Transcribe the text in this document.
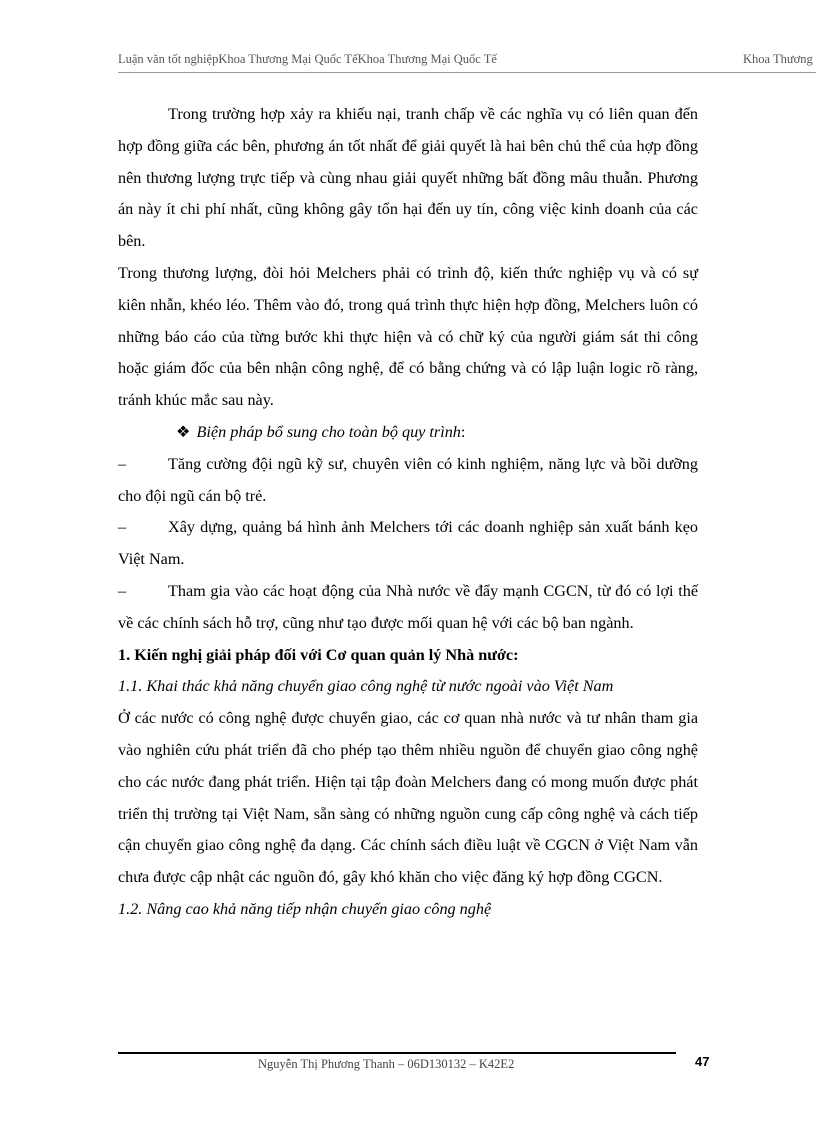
Luận văn tốt nghiệpKhoa Thương Mại Quốc TếKhoa Thương Mại Quốc Tế	Khoa Thương

Trong trường hợp xảy ra khiếu nại, tranh chấp về các nghĩa vụ có liên quan đến hợp đồng giữa các bên, phương án tốt nhất để giải quyết là hai bên chủ thể của hợp đồng nên thương lượng trực tiếp và cùng nhau giải quyết những bất đồng mâu thuẫn. Phương án này ít chi phí nhất, cũng không gây tổn hại đến uy tín, công việc kinh doanh của các bên.

Trong thương lượng, đòi hỏi Melchers phải có trình độ, kiến thức nghiệp vụ và có sự kiên nhẫn, khéo léo. Thêm vào đó, trong quá trình thực hiện hợp đồng, Melchers luôn có những báo cáo của từng bước khi thực hiện và có chữ ký của người giám sát thi công hoặc giám đốc của bên nhận công nghệ, để có bằng chứng và có lập luận logic rõ ràng, tránh khúc mắc sau này.

❖ Biện pháp bổ sung cho toàn bộ quy trình:

–	Tăng cường đội ngũ kỹ sư, chuyên viên có kinh nghiệm, năng lực và bồi dưỡng cho đội ngũ cán bộ trẻ.

–	Xây dựng, quảng bá hình ảnh Melchers tới các doanh nghiệp sản xuất bánh kẹo Việt Nam.

–	Tham gia vào các hoạt động của Nhà nước về đẩy mạnh CGCN, từ đó có lợi thế về các chính sách hỗ trợ, cũng như tạo được mối quan hệ với các bộ ban ngành.

1. Kiến nghị giải pháp đối với Cơ quan quản lý Nhà nước:

1.1. Khai thác khả năng chuyển giao công nghệ từ nước ngoài vào Việt Nam

Ở các nước có công nghệ được chuyển giao, các cơ quan nhà nước và tư nhân tham gia vào nghiên cứu phát triển đã cho phép tạo thêm nhiều nguồn để chuyển giao công nghệ cho các nước đang phát triển. Hiện tại tập đoàn Melchers đang có mong muốn được phát triển thị trường tại Việt Nam, sẵn sàng có những nguồn cung cấp công nghệ và cách tiếp cận chuyển giao công nghệ đa dạng. Các chính sách điều luật về CGCN ở Việt Nam vẫn chưa được cập nhật các nguồn đó, gây khó khăn cho việc đăng ký hợp đồng CGCN.

1.2. Nâng cao khả năng tiếp nhận chuyển giao công nghệ

Nguyễn Thị Phương Thanh – 06D130132 – K42E2	47
